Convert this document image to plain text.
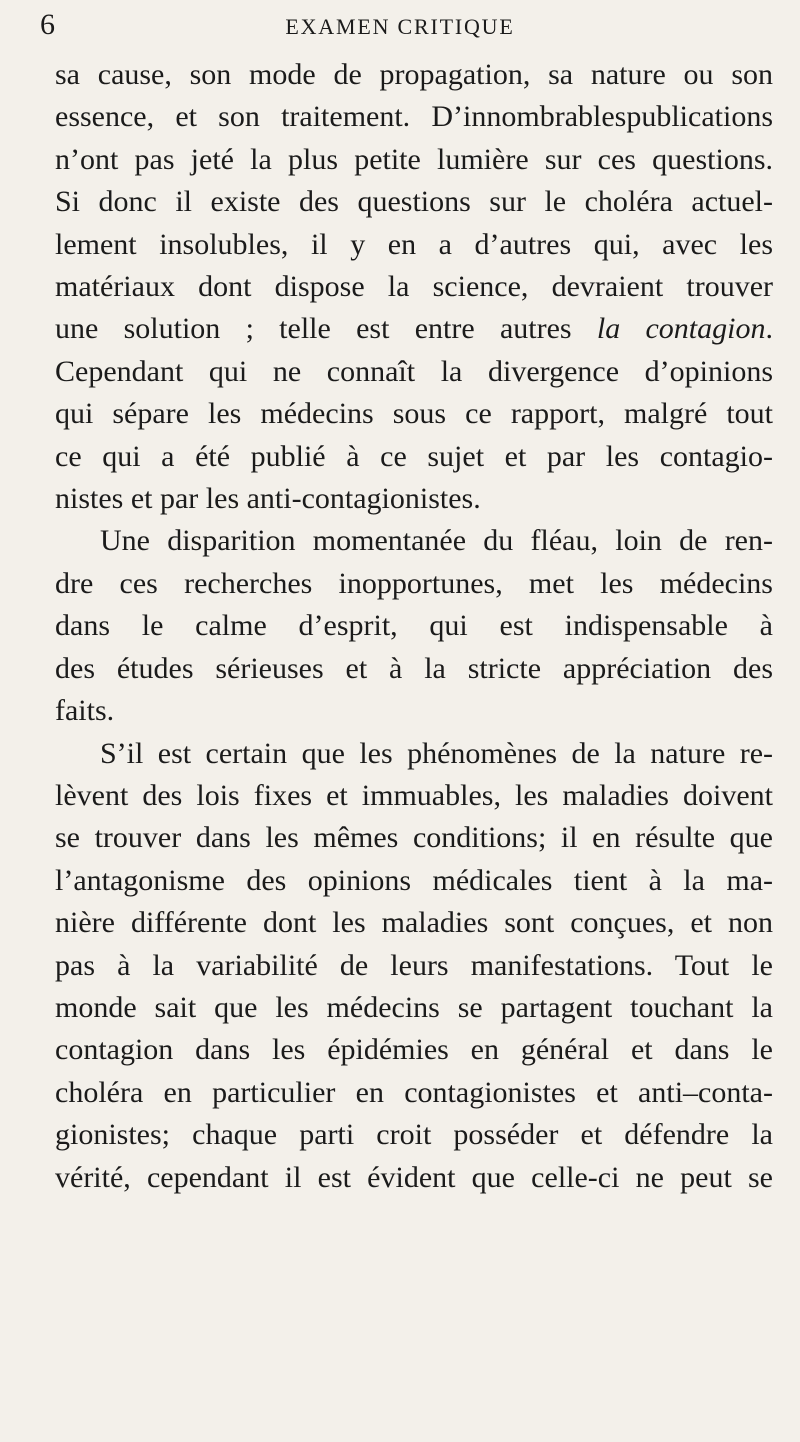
6	EXAMEN CRITIQUE
sa cause, son mode de propagation, sa nature ou son
essence, et son traitement. D’innombrablespublications
n’ont pas jeté la plus petite lumière sur ces questions.
Si donc il existe des questions sur le choléra actuel-
lement insolubles, il y en a d’autres qui, avec les
matériaux dont dispose la science, devraient trouver
une solution ; telle est entre autres la contagion.
Cependant qui ne connaît la divergence d’opinions
qui sépare les médecins sous ce rapport, malgré tout
ce qui a été publié à ce sujet et par les contagio-
nistes et par les anti-contagionistes.
Une disparition momentanée du fléau, loin de ren-
dre ces recherches inopportunes, met les médecins
dans le calme d’esprit, qui est indispensable à
des études sérieuses et à la stricte appréciation des
faits.
S’il est certain que les phénomènes de la nature re-
lèvent des lois fixes et immuables, les maladies doivent
se trouver dans les mêmes conditions; il en résulte que
l’antagonisme des opinions médicales tient à la ma-
nière différente dont les maladies sont conçues, et non
pas à la variabilité de leurs manifestations. Tout le
monde sait que les médecins se partagent touchant la
contagion dans les épidémies en général et dans le
choléra en particulier en contagionistes et anti–conta-
gionistes; chaque parti croit posséder et défendre la
vérité, cependant il est évident que celle-ci ne peut se
